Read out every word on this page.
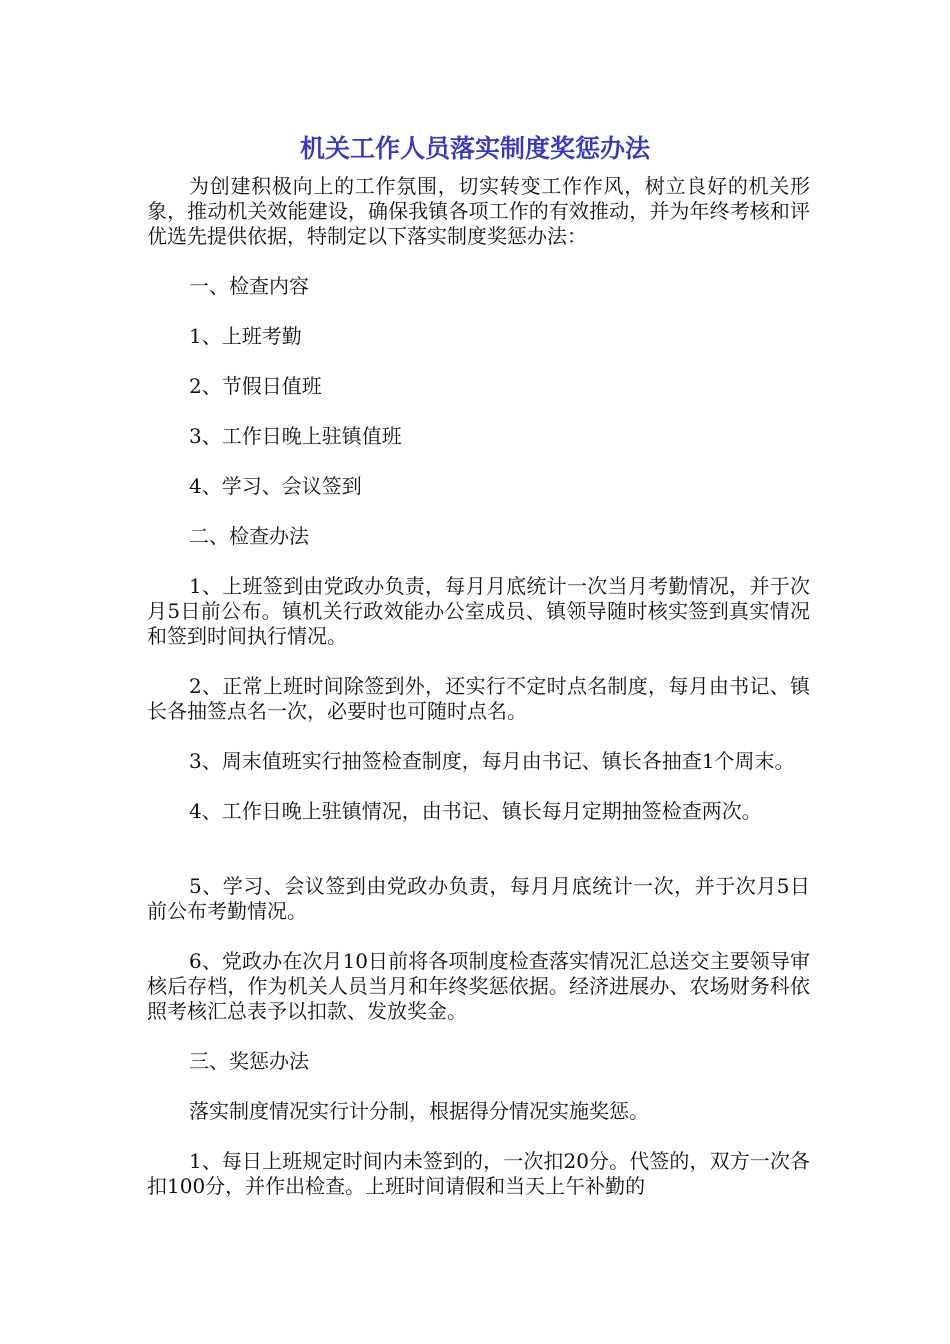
机关工作人员落实制度奖惩办法

为创建积极向上的工作氛围，切实转变工作作风，树立良好的机关形象，推动机关效能建设，确保我镇各项工作的有效推动，并为年终考核和评优选先提供依据，特制定以下落实制度奖惩办法：

一、检查内容

1、上班考勤

2、节假日值班

3、工作日晚上驻镇值班

4、学习、会议签到

二、检查办法

1、上班签到由党政办负责，每月月底统计一次当月考勤情况，并于次月5日前公布。镇机关行政效能办公室成员、镇领导随时核实签到真实情况和签到时间执行情况。

2、正常上班时间除签到外，还实行不定时点名制度，每月由书记、镇长各抽签点名一次，必要时也可随时点名。

3、周末值班实行抽签检查制度，每月由书记、镇长各抽查1个周末。

4、工作日晚上驻镇情况，由书记、镇长每月定期抽签检查两次。

5、学习、会议签到由党政办负责，每月月底统计一次，并于次月5日前公布考勤情况。

6、党政办在次月10日前将各项制度检查落实情况汇总送交主要领导审核后存档，作为机关人员当月和年终奖惩依据。经济进展办、农场财务科依照考核汇总表予以扣款、发放奖金。

三、奖惩办法

落实制度情况实行计分制，根据得分情况实施奖惩。

1、每日上班规定时间内未签到的，一次扣20分。代签的，双方一次各扣100分，并作出检查。上班时间请假和当天上午补勤的
